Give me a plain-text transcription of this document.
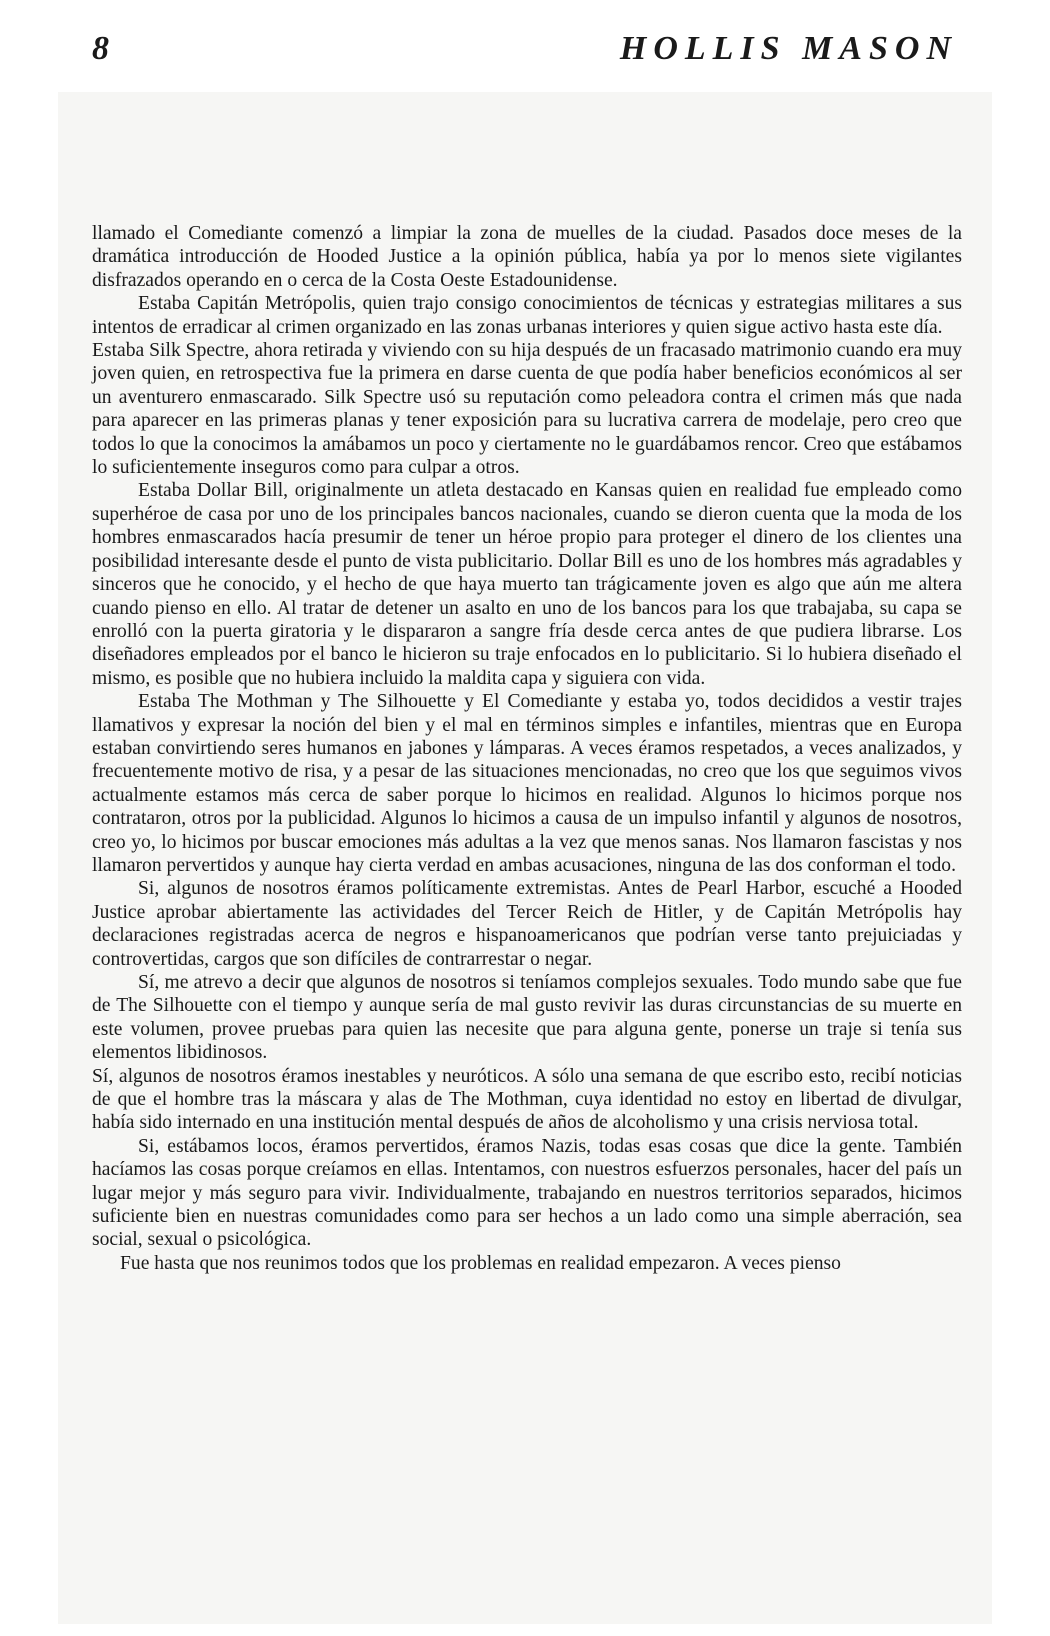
8	HOLLIS MASON

llamado el Comediante comenzó a limpiar la zona de muelles de la ciudad. Pasados doce meses de la dramática introducción de Hooded Justice a la opinión pública, había ya por lo menos siete vigilantes disfrazados operando en o cerca de la Costa Oeste Estadounidense.

Estaba Capitán Metrópolis, quien trajo consigo conocimientos de técnicas y estrategias militares a sus intentos de erradicar al crimen organizado en las zonas urbanas interiores y quien sigue activo hasta este día.

Estaba Silk Spectre, ahora retirada y viviendo con su hija después de un fracasado matrimonio cuando era muy joven quien, en retrospectiva fue la primera en darse cuenta de que podía haber beneficios económicos al ser un aventurero enmascarado. Silk Spectre usó su reputación como peleadora contra el crimen más que nada para aparecer en las primeras planas y tener exposición para su lucrativa carrera de modelaje, pero creo que todos lo que la conocimos la amábamos un poco y ciertamente no le guardábamos rencor. Creo que estábamos lo suficientemente inseguros como para culpar a otros.

Estaba Dollar Bill, originalmente un atleta destacado en Kansas quien en realidad fue empleado como superhéroe de casa por uno de los principales bancos nacionales, cuando se dieron cuenta que la moda de los hombres enmascarados hacía presumir de tener un héroe propio para proteger el dinero de los clientes una posibilidad interesante desde el punto de vista publicitario. Dollar Bill es uno de los hombres más agradables y sinceros que he conocido, y el hecho de que haya muerto tan trágicamente joven es algo que aún me altera cuando pienso en ello. Al tratar de detener un asalto en uno de los bancos para los que trabajaba, su capa se enrolló con la puerta giratoria y le dispararon a sangre fría desde cerca antes de que pudiera librarse. Los diseñadores empleados por el banco le hicieron su traje enfocados en lo publicitario. Si lo hubiera diseñado el mismo, es posible que no hubiera incluido la maldita capa y siguiera con vida.

Estaba The Mothman y The Silhouette y El Comediante y estaba yo, todos decididos a vestir trajes llamativos y expresar la noción del bien y el mal en términos simples e infantiles, mientras que en Europa estaban convirtiendo seres humanos en jabones y lámparas. A veces éramos respetados, a veces analizados, y frecuentemente motivo de risa, y a pesar de las situaciones mencionadas, no creo que los que seguimos vivos actualmente estamos más cerca de saber porque lo hicimos en realidad. Algunos lo hicimos porque nos contrataron, otros por la publicidad. Algunos lo hicimos a causa de un impulso infantil y algunos de nosotros, creo yo, lo hicimos por buscar emociones más adultas a la vez que menos sanas. Nos llamaron fascistas y nos llamaron pervertidos y aunque hay cierta verdad en ambas acusaciones, ninguna de las dos conforman el todo.

Si, algunos de nosotros éramos políticamente extremistas. Antes de Pearl Harbor, escuché a Hooded Justice aprobar abiertamente las actividades del Tercer Reich de Hitler, y de Capitán Metrópolis hay declaraciones registradas acerca de negros e hispanoamericanos que podrían verse tanto prejuiciadas y controvertidas, cargos que son difíciles de contrarrestar o negar.

Sí, me atrevo a decir que algunos de nosotros si teníamos complejos sexuales. Todo mundo sabe que fue de The Silhouette con el tiempo y aunque sería de mal gusto revivir las duras circunstancias de su muerte en este volumen, provee pruebas para quien las necesite que para alguna gente, ponerse un traje si tenía sus elementos libidinosos.

Sí, algunos de nosotros éramos inestables y neuróticos. A sólo una semana de que escribo esto, recibí noticias de que el hombre tras la máscara y alas de The Mothman, cuya identidad no estoy en libertad de divulgar, había sido internado en una institución mental después de años de alcoholismo y una crisis nerviosa total.

Si, estábamos locos, éramos pervertidos, éramos Nazis, todas esas cosas que dice la gente. También hacíamos las cosas porque creíamos en ellas. Intentamos, con nuestros esfuerzos personales, hacer del país un lugar mejor y más seguro para vivir. Individualmente, trabajando en nuestros territorios separados, hicimos suficiente bien en nuestras comunidades como para ser hechos a un lado como una simple aberración, sea social, sexual o psicológica.

Fue hasta que nos reunimos todos que los problemas en realidad empezaron. A veces pienso
